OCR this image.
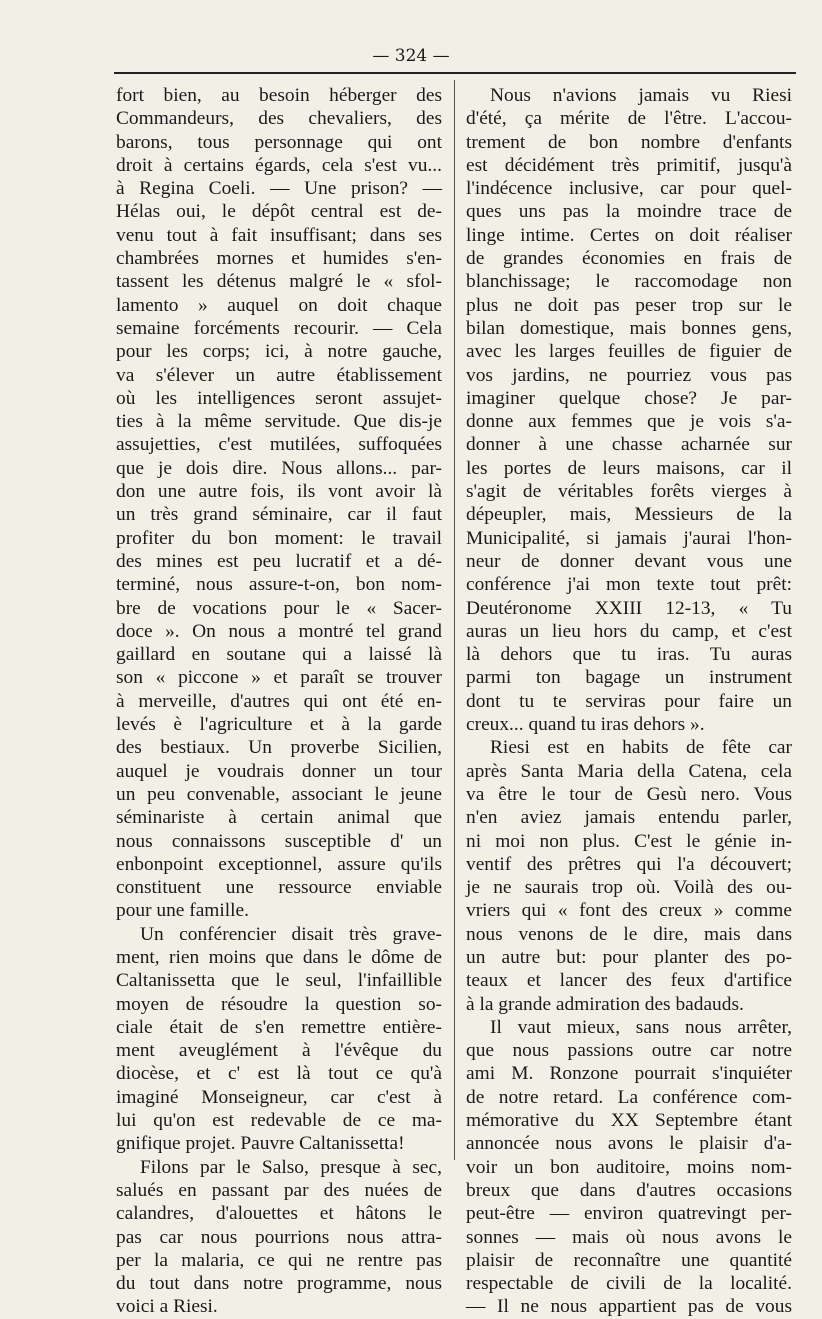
— 324 —
fort bien, au besoin héberger des
Commandeurs, des chevaliers, des
barons, tous personnage qui ont
droit à certains égards, cela s'est vu...
à Regina Coeli. — Une prison? —
Hélas oui, le dépôt central est de-
venu tout à fait insuffisant; dans ses
chambrées mornes et humides s'en-
tassent les détenus malgré le « sfol-
lamento » auquel on doit chaque
semaine forcéments recourir. — Cela
pour les corps; ici, à notre gauche,
va s'élever un autre établissement
où les intelligences seront assujet-
ties à la même servitude. Que dis-je
assujetties, c'est mutilées, suffoquées
que je dois dire. Nous allons... par-
don une autre fois, ils vont avoir là
un très grand séminaire, car il faut
profiter du bon moment: le travail
des mines est peu lucratif et a dé-
terminé, nous assure-t-on, bon nom-
bre de vocations pour le « Sacer-
doce ». On nous a montré tel grand
gaillard en soutane qui a laissé là
son « piccone » et paraît se trouver
à merveille, d'autres qui ont été en-
levés è l'agriculture et à la garde
des bestiaux. Un proverbe Sicilien,
auquel je voudrais donner un tour
un peu convenable, associant le jeune
séminariste à certain animal que
nous connaissons susceptible d' un
enbonpoint exceptionnel, assure qu'ils
constituent une ressource enviable
pour une famille.
Un conférencier disait très grave-
ment, rien moins que dans le dôme de
Caltanissetta que le seul, l'infaillible
moyen de résoudre la question so-
ciale était de s'en remettre entière-
ment aveuglément à l'évêque du
diocèse, et c' est là tout ce qu'à
imaginé Monseigneur, car c'est à
lui qu'on est redevable de ce ma-
gnifique projet. Pauvre Caltanissetta!
Filons par le Salso, presque à sec,
salués en passant par des nuées de
calandres, d'alouettes et hâtons le
pas car nous pourrions nous attra-
per la malaria, ce qui ne rentre pas
du tout dans notre programme, nous
voici a Riesi.
Nous n'avions jamais vu Riesi
d'été, ça mérite de l'être. L'accou-
trement de bon nombre d'enfants
est décidément très primitif, jusqu'à
l'indécence inclusive, car pour quel-
ques uns pas la moindre trace de
linge intime. Certes on doit réaliser
de grandes économies en frais de
blanchissage; le raccomodage non
plus ne doit pas peser trop sur le
bilan domestique, mais bonnes gens,
avec les larges feuilles de figuier de
vos jardins, ne pourriez vous pas
imaginer quelque chose? Je par-
donne aux femmes que je vois s'a-
donner à une chasse acharnée sur
les portes de leurs maisons, car il
s'agit de véritables forêts vierges à
dépeupler, mais, Messieurs de la
Municipalité, si jamais j'aurai l'hon-
neur de donner devant vous une
conférence j'ai mon texte tout prêt:
Deutéronome XXIII 12-13, « Tu
auras un lieu hors du camp, et c'est
là dehors que tu iras. Tu auras
parmi ton bagage un instrument
dont tu te serviras pour faire un
creux... quand tu iras dehors ».
Riesi est en habits de fête car
après Santa Maria della Catena, cela
va être le tour de Gesù nero. Vous
n'en aviez jamais entendu parler,
ni moi non plus. C'est le génie in-
ventif des prêtres qui l'a découvert;
je ne saurais trop où. Voilà des ou-
vriers qui « font des creux » comme
nous venons de le dire, mais dans
un autre but: pour planter des po-
teaux et lancer des feux d'artifice
à la grande admiration des badauds.
Il vaut mieux, sans nous arrêter,
que nous passions outre car notre
ami M. Ronzone pourrait s'inquiéter
de notre retard. La conférence com-
mémorative du XX Septembre étant
annoncée nous avons le plaisir d'a-
voir un bon auditoire, moins nom-
breux que dans d'autres occasions
peut-être — environ quatrevingt per-
sonnes — mais où nous avons le
plaisir de reconnaître une quantité
respectable de civili de la localité.
— Il ne nous appartient pas de vous
